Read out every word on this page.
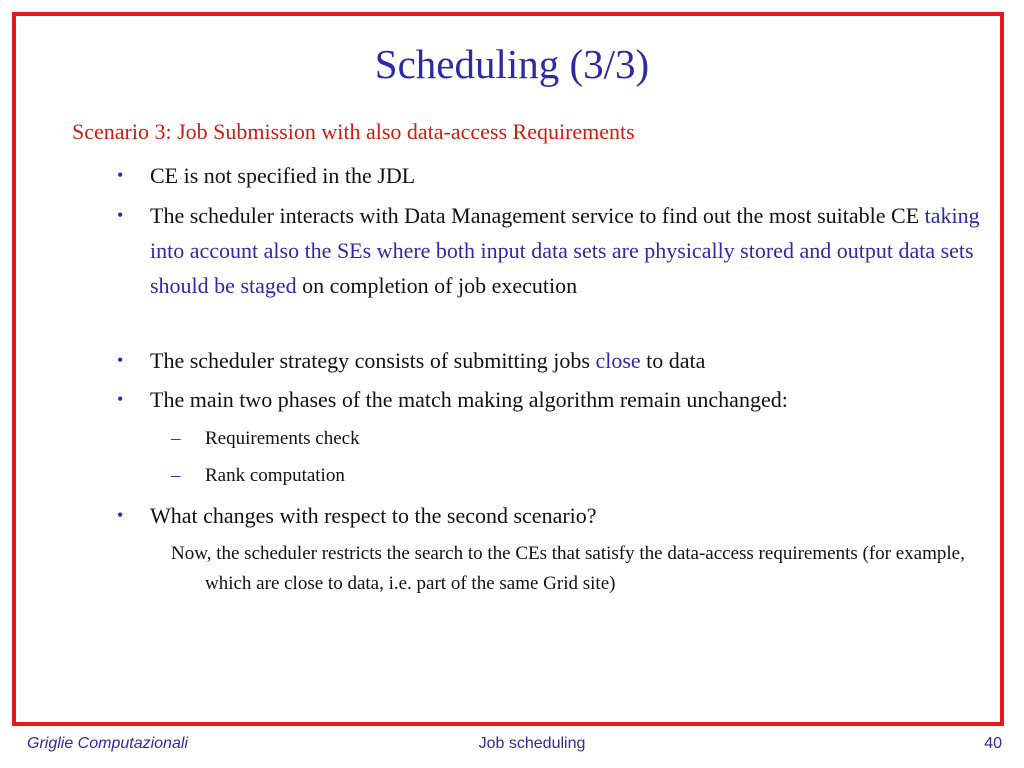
Scheduling (3/3)
Scenario 3: Job Submission with also data-access Requirements
• CE is not specified in the JDL
• The scheduler interacts with Data Management service to find out the most suitable CE taking into account also the SEs where both input data sets are physically stored and output data sets should be staged on completion of job execution
• The scheduler strategy consists of submitting jobs close to data
• The main two phases of the match making algorithm remain unchanged:
– Requirements check
– Rank computation
• What changes with respect to the second scenario?
Now, the scheduler restricts the search to the CEs that satisfy the data-access requirements (for example, which are close to data, i.e. part of the same Grid site)
Griglie Computazionali	Job scheduling	40
